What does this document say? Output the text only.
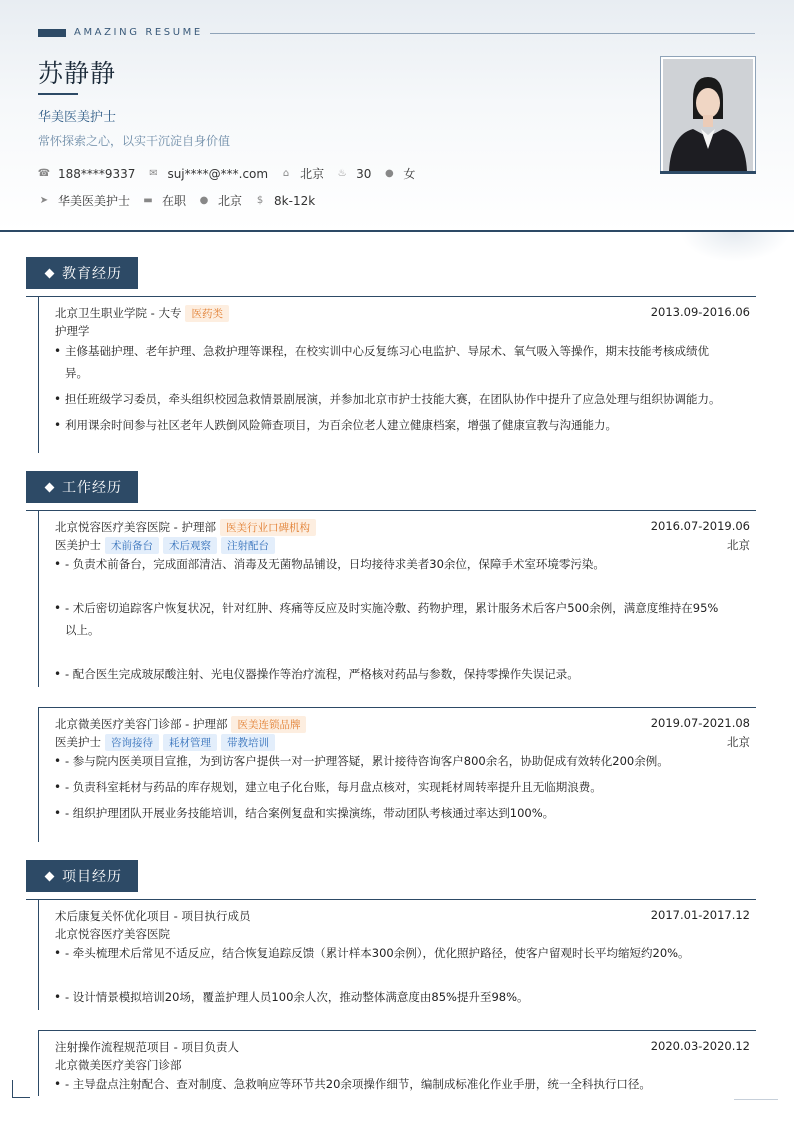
AMAZING RESUME
苏静静
华美医美护士
常怀探索之心，以实干沉淀自身价值
☎ 188****9337 ✉ suj****@***.com ⌂ 北京 ♨ 30 ● 女
➤ 华美医美护士 ▬ 在职 ● 北京 $ 8k-12k
教育经历
北京卫生职业学院 - 大专 医药类	2013.09-2016.06
护理学
• 主修基础护理、老年护理、急救护理等课程，在校实训中心反复练习心电监护、导尿术、氧气吸入等操作，期末技能考核成绩优
异。
• 担任班级学习委员，牵头组织校园急救情景剧展演，并参加北京市护士技能大赛，在团队协作中提升了应急处理与组织协调能力。
• 利用课余时间参与社区老年人跌倒风险筛查项目，为百余位老人建立健康档案，增强了健康宣教与沟通能力。
工作经历
北京悦容医疗美容医院 - 护理部 医美行业口碑机构	2016.07-2019.06
医美护士 术前备台 术后观察 注射配台	北京
• - 负责术前备台，完成面部清洁、消毒及无菌物品铺设，日均接待求美者30余位，保障手术室环境零污染。
• - 术后密切追踪客户恢复状况，针对红肿、疼痛等反应及时实施冷敷、药物护理，累计服务术后客户500余例，满意度维持在95%
以上。
• - 配合医生完成玻尿酸注射、光电仪器操作等治疗流程，严格核对药品与参数，保持零操作失误记录。
北京微美医疗美容门诊部 - 护理部 医美连锁品牌	2019.07-2021.08
医美护士 咨询接待 耗材管理 带教培训	北京
• - 参与院内医美项目宣推，为到访客户提供一对一护理答疑，累计接待咨询客户800余名，协助促成有效转化200余例。
• - 负责科室耗材与药品的库存规划，建立电子化台账，每月盘点核对，实现耗材周转率提升且无临期浪费。
• - 组织护理团队开展业务技能培训，结合案例复盘和实操演练，带动团队考核通过率达到100%。
项目经历
术后康复关怀优化项目 - 项目执行成员	2017.01-2017.12
北京悦容医疗美容医院
• - 牵头梳理术后常见不适反应，结合恢复追踪反馈（累计样本300余例），优化照护路径，使客户留观时长平均缩短约20%。
• - 设计情景模拟培训20场，覆盖护理人员100余人次，推动整体满意度由85%提升至98%。
注射操作流程规范项目 - 项目负责人	2020.03-2020.12
北京微美医疗美容门诊部
• - 主导盘点注射配合、查对制度、急救响应等环节共20余项操作细节，编制成标准化作业手册，统一全科执行口径。
